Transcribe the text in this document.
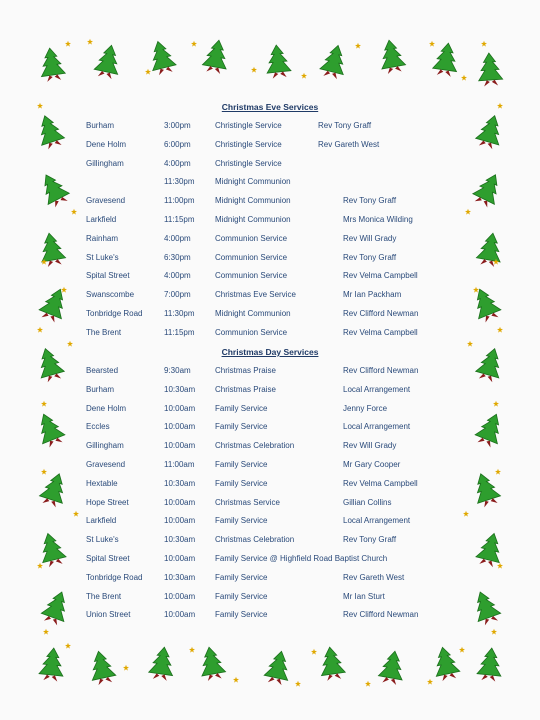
Christmas Eve Services
Burham	3:00pm	Christingle Service	Rev Tony Graff
Dene Holm	6:00pm	Christingle Service	Rev Gareth West
Gillingham	4:00pm	Christingle Service
11:30pm	Midnight Communion
Gravesend	11:00pm	Midnight Communion	Rev Tony Graff
Larkfield	11:15pm	Midnight Communion	Mrs Monica Wilding
Rainham	4:00pm	Communion Service	Rev Will Grady
St Luke's	6:30pm	Communion Service	Rev Tony Graff
Spital Street	4:00pm	Communion Service	Rev Velma Campbell
Swanscombe	7:00pm	Christmas Eve Service	Mr Ian Packham
Tonbridge Road	11:30pm	Midnight Communion	Rev Clifford Newman
The Brent	11:15pm	Communion Service	Rev Velma Campbell
Christmas Day Services
Bearsted	9:30am	Christmas Praise	Rev Clifford Newman
Burham	10:30am Christmas Praise	Local Arrangement
Dene Holm	10:00am Family Service	Jenny Force
Eccles	10:00am Family Service	Local Arrangement
Gillingham	10:00am Christmas Celebration	Rev Will Grady
Gravesend	11:00am	Family Service	Mr Gary Cooper
Hextable	10:30am Family Service	Rev Velma Campbell
Hope Street	10:00am Christmas Service	Gillian Collins
Larkfield	10:00am Family Service	Local Arrangement
St Luke's	10:30am Christmas Celebration	Rev Tony Graff
Spital Street	10:00am Family Service @ Highfield Road Baptist Church
Tonbridge Road	10:30am Family Service	Rev Gareth West
The Brent	10:00am Family Service	Mr Ian Sturt
Union Street	10:00am Family Service	Rev Clifford Newman
